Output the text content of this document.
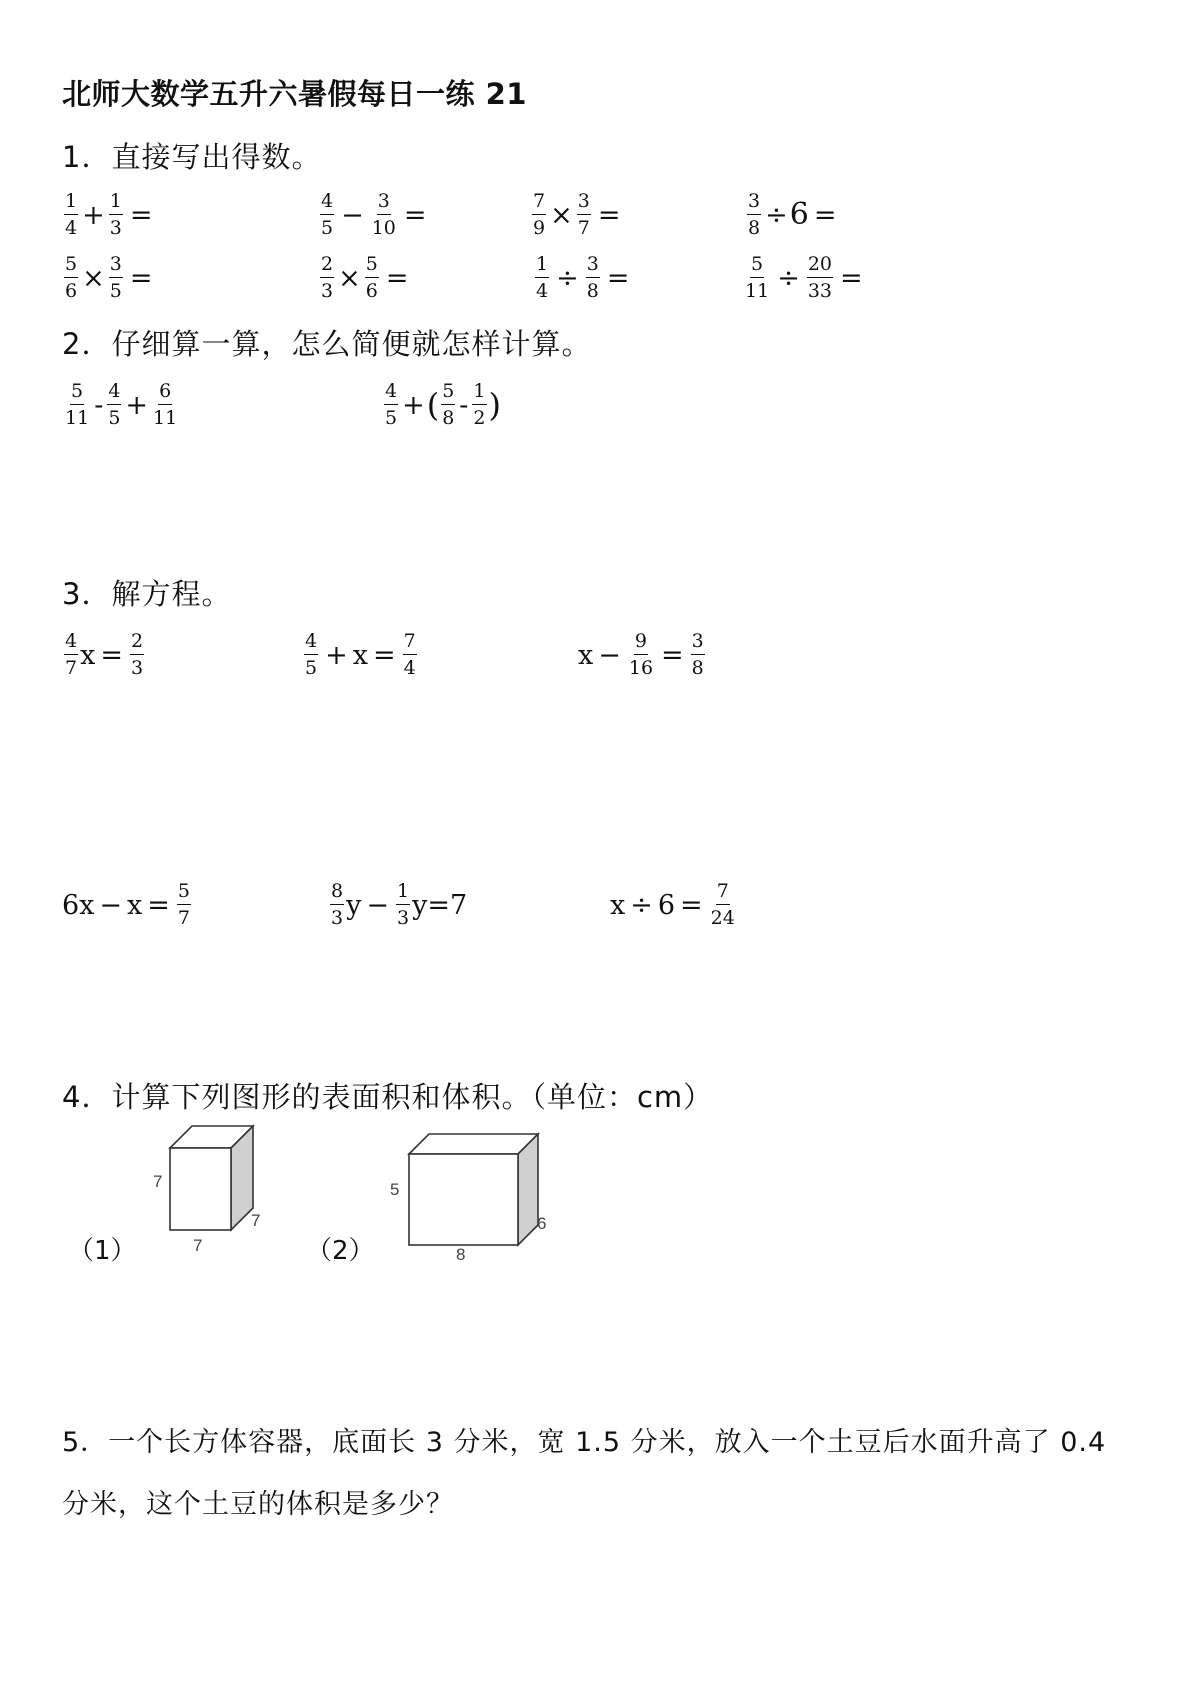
北师大数学五升六暑假每日一练 21
1．直接写出得数。
$\frac{1}{4} + \frac{1}{3}$ =	$\frac{4}{5} - \frac{3}{10}$ =	$\frac{7}{9} \times \frac{3}{7}$ =	$\frac{3}{8} \div 6$ =
$\frac{5}{6} \times \frac{3}{5}$ =	$\frac{2}{3} \times \frac{5}{6}$ =	$\frac{1}{4} \div \frac{3}{8}$ =	$\frac{5}{11} \div \frac{20}{33}$ =
2．仔细算一算，怎么简便就怎样计算。
$\frac{5}{11} - \frac{4}{5} + \frac{6}{11}$	$\frac{4}{5}$ + ( $\frac{5}{8} - \frac{1}{2}$ )
3．解方程。
$\frac{4}{7}$ $x = \frac{2}{3}$	$\frac{4}{5} + x = \frac{7}{4}$	$x - \frac{9}{16} = \frac{3}{8}$
$6x - x = \frac{5}{7}$	$\frac{8}{3}$ $y - \frac{1}{3} y=7$	$x \div 6 = \frac{7}{24}$
4．计算下列图形的表面积和体积。（单位：cm）
（1）
7
7
7
（2）
5
8
6
5．一个长方体容器，底面长 3 分米，宽 1.5 分米，放入一个土豆后水面升高了 0.4
分米，这个土豆的体积是多少？
